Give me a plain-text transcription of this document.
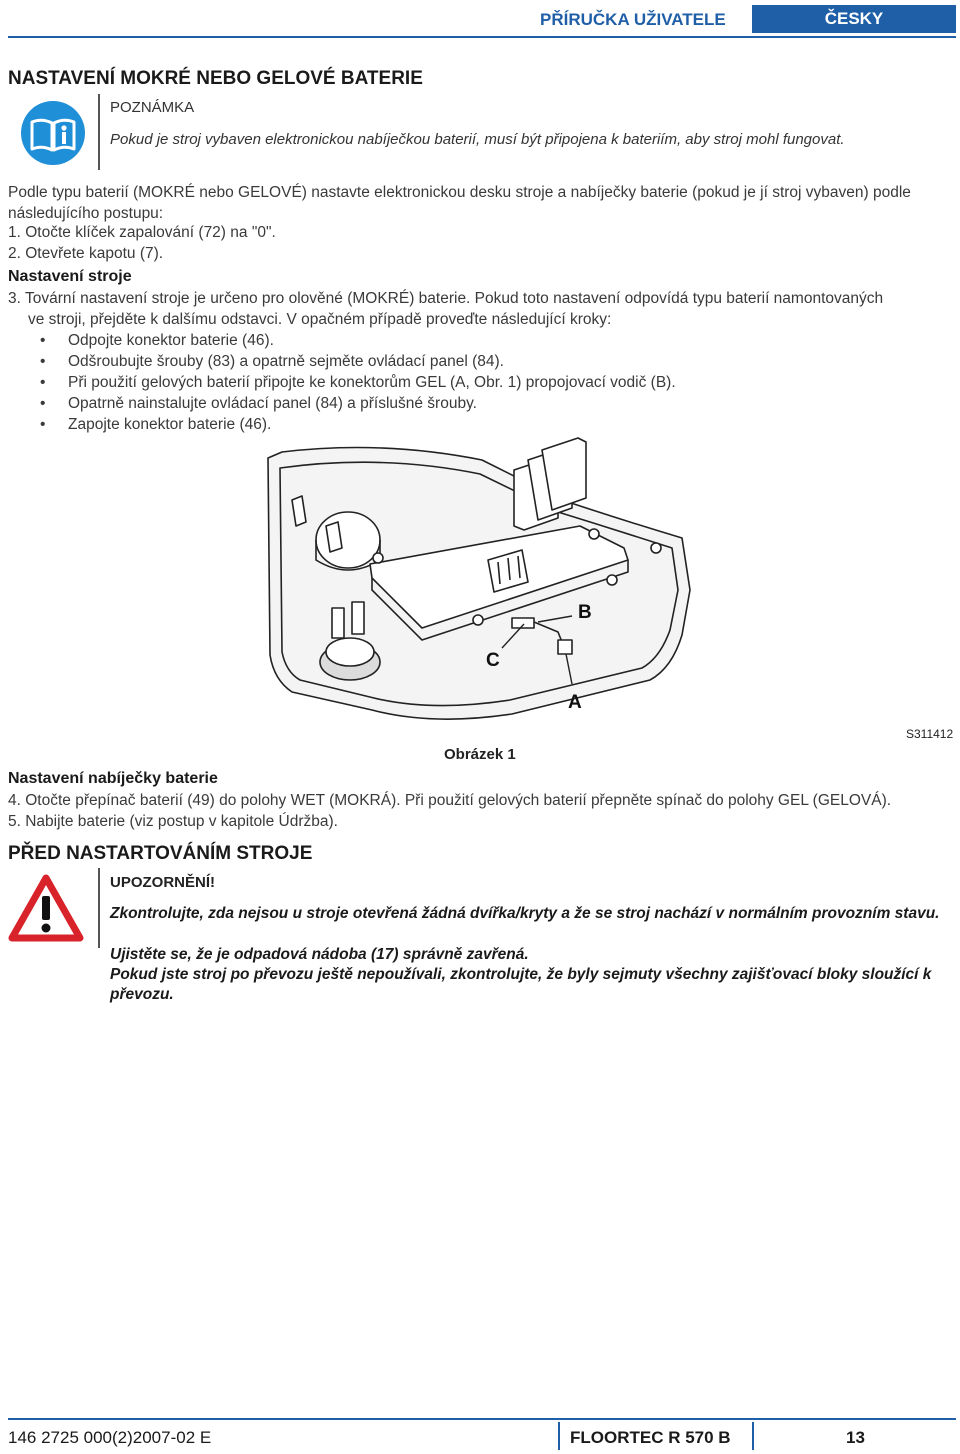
PŘÍRUČKA UŽIVATELE	ČESKY
NASTAVENÍ MOKRÉ NEBO GELOVÉ BATERIE
POZNÁMKA
Pokud je stroj vybaven elektronickou nabíječkou baterií, musí být připojena k bateriím, aby stroj mohl fungovat.
Podle typu baterií (MOKRÉ nebo GELOVÉ) nastavte elektronickou desku stroje a nabíječky baterie (pokud je jí stroj vybaven) podle následujícího postupu:
1. Otočte klíček zapalování (72) na "0".
2. Otevřete kapotu (7).
Nastavení stroje
3. Tovární nastavení stroje je určeno pro olověné (MOKRÉ) baterie. Pokud toto nastavení odpovídá typu baterií namontovaných
ve stroji, přejděte k dalšímu odstavci. V opačném případě proveďte následující kroky:
• Odpojte konektor baterie (46).
• Odšroubujte šrouby (83) a opatrně sejměte ovládací panel (84).
• Při použití gelových baterií připojte ke konektorům GEL (A, Obr. 1) propojovací vodič (B).
• Opatrně nainstalujte ovládací panel (84) a příslušné šrouby.
• Zapojte konektor baterie (46).
B
C
A
S311412
Obrázek 1
Nastavení nabíječky baterie
4. Otočte přepínač baterií (49) do polohy WET (MOKRÁ). Při použití gelových baterií přepněte spínač do polohy GEL (GELOVÁ).
5. Nabijte baterie (viz postup v kapitole Údržba).
PŘED NASTARTOVÁNÍM STROJE
UPOZORNĚNÍ!
Zkontrolujte, zda nejsou u stroje otevřená žádná dvířka/kryty a že se stroj nachází v normálním provozním stavu.
Ujistěte se, že je odpadová nádoba (17) správně zavřená.
Pokud jste stroj po převozu ještě nepoužívali, zkontrolujte, že byly sejmuty všechny zajišťovací bloky sloužící k převozu.
146 2725 000(2)2007-02 E	FLOORTEC R 570 B	13
